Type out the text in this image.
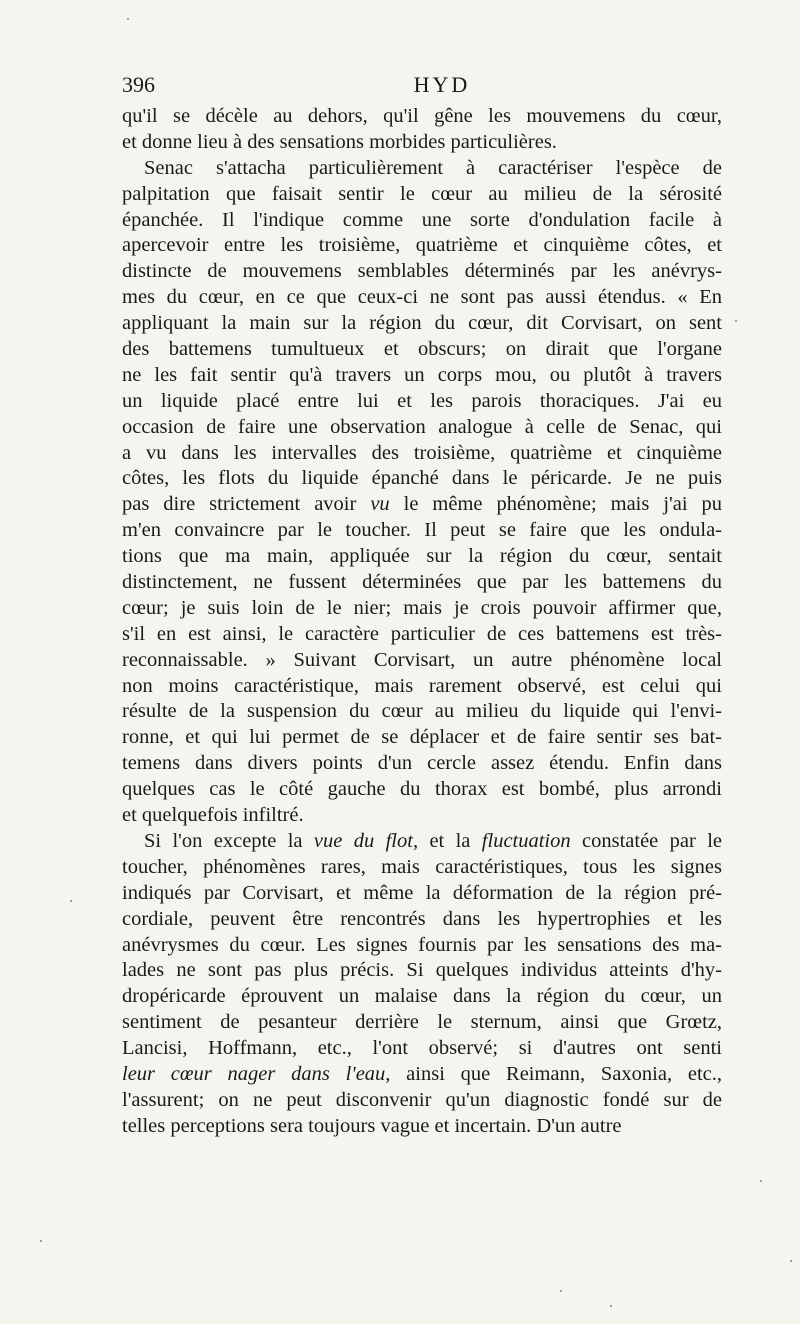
396	HYD
qu'il se décèle au dehors, qu'il gêne les mouvemens du cœur,
et donne lieu à des sensations morbides particulières.
Senac s'attacha particulièrement à caractériser l'espèce de
palpitation que faisait sentir le cœur au milieu de la sérosité
épanchée. Il l'indique comme une sorte d'ondulation facile à
apercevoir entre les troisième, quatrième et cinquième côtes, et
distincte de mouvemens semblables déterminés par les anévrys-
mes du cœur, en ce que ceux-ci ne sont pas aussi étendus. « En
appliquant la main sur la région du cœur, dit Corvisart, on sent
des battemens tumultueux et obscurs; on dirait que l'organe
ne les fait sentir qu'à travers un corps mou, ou plutôt à travers
un liquide placé entre lui et les parois thoraciques. J'ai eu
occasion de faire une observation analogue à celle de Senac, qui
a vu dans les intervalles des troisième, quatrième et cinquième
côtes, les flots du liquide épanché dans le péricarde. Je ne puis
pas dire strictement avoir vu le même phénomène; mais j'ai pu
m'en convaincre par le toucher. Il peut se faire que les ondula-
tions que ma main, appliquée sur la région du cœur, sentait
distinctement, ne fussent déterminées que par les battemens du
cœur; je suis loin de le nier; mais je crois pouvoir affirmer que,
s'il en est ainsi, le caractère particulier de ces battemens est très-
reconnaissable. » Suivant Corvisart, un autre phénomène local
non moins caractéristique, mais rarement observé, est celui qui
résulte de la suspension du cœur au milieu du liquide qui l'envi-
ronne, et qui lui permet de se déplacer et de faire sentir ses bat-
temens dans divers points d'un cercle assez étendu. Enfin dans
quelques cas le côté gauche du thorax est bombé, plus arrondi
et quelquefois infiltré.
Si l'on excepte la vue du flot, et la fluctuation constatée par le
toucher, phénomènes rares, mais caractéristiques, tous les signes
indiqués par Corvisart, et même la déformation de la région pré-
cordiale, peuvent être rencontrés dans les hypertrophies et les
anévrysmes du cœur. Les signes fournis par les sensations des ma-
lades ne sont pas plus précis. Si quelques individus atteints d'hy-
dropéricarde éprouvent un malaise dans la région du cœur, un
sentiment de pesanteur derrière le sternum, ainsi que Grœtz,
Lancisi, Hoffmann, etc., l'ont observé; si d'autres ont senti
leur cœur nager dans l'eau, ainsi que Reimann, Saxonia, etc.,
l'assurent; on ne peut disconvenir qu'un diagnostic fondé sur de
telles perceptions sera toujours vague et incertain. D'un autre
